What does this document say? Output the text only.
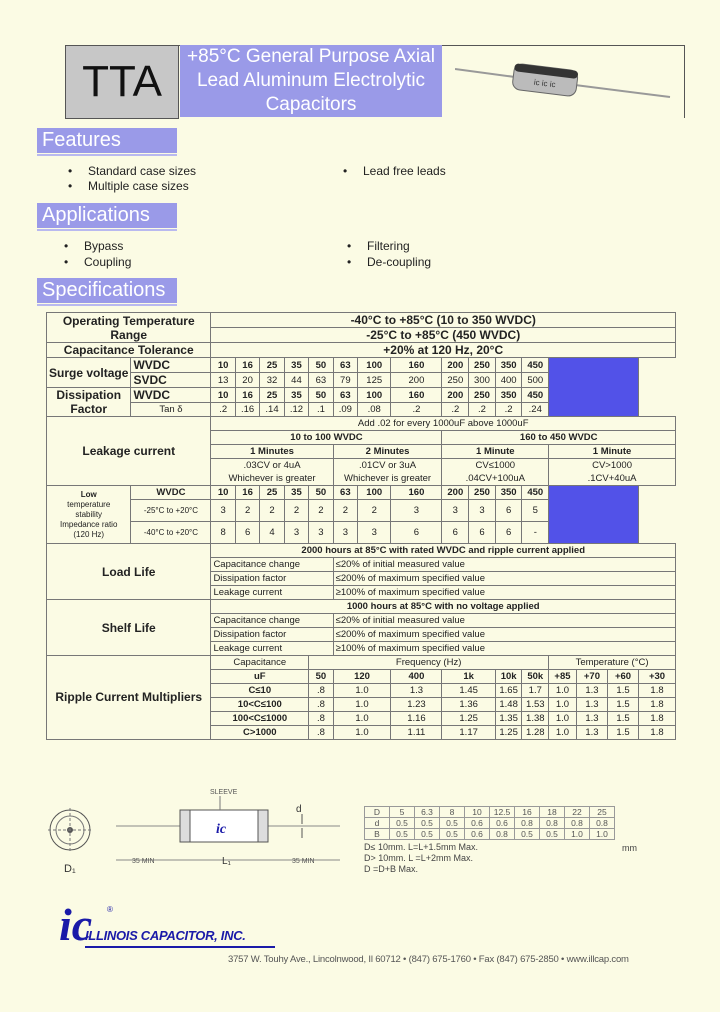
TTA
+85°C General Purpose Axial
Lead Aluminum Electrolytic
Capacitors
ic ic ic
Features
• Standard case sizes
• Multiple case sizes
• Lead free leads
Applications
• Bypass
• Coupling
• Filtering
• De-coupling
Specifications
Operating Temperature Range		-40°C to +85°C (10 to 350 WVDC)															
		-25°C to +85°C (450 WVDC)															
Capacitance Tolerance		+20% at 120 Hz, 20°C															
Surge voltage	WVDC	10	16	25	35	50	63	100	160	200	250	350	450				
	SVDC	13	20	32	44	63	79	125	200	250	300	400	500				
Dissipation Factor	WVDC	10	16	25	35	50	63	100	160	200	250	350	450				
	Tan δ	.2	.16	.14	.12	.1	.09	.08	.2	.2	.2	.2	.24				
Leakage current		Add .02 for every 1000uF above 1000uF															
		10 to 100 WVDC								160 to 450 WVDC							
		1 Minutes					2 Minutes			1 Minute				1 Minute			
		.03CV or 4uA					.01CV or 3uA			CV≤1000				CV>1000			
		Whichever is greater					Whichever is greater			.04CV+100uA				.1CV+40uA			

Low
temperature
stability
Impedance ratio
(120 Hz)	WVDC	10	16	25	35	50	63	100	160	200	250	350	450				
	-25°C to +20°C	3	2	2	2	2	2	2	3	3	3	6	5				
	-40°C to +20°C	8	6	4	3	3	3	3	6	6	6	6	-				
Load Life		2000 hours at 85°C with rated WVDC and ripple current applied															
		Capacitance change					≤20% of initial measured value										
		Dissipation factor					≤200% of maximum specified value										
		Leakage current					≥100% of maximum specified value										
Shelf Life		1000 hours at 85°C with no voltage applied															
		Capacitance change					≤20% of initial measured value										
		Dissipation factor					≤200% of maximum specified value										
		Leakage current					≥100% of maximum specified value										
Ripple Current Multipliers		Capacitance				Frequency (Hz)								Temperature (°C)			
		uF				50	120		400	1k		10k	50k	+85	+70	+60	+30
		C≤10				.8	1.0		1.3	1.45		1.65	1.7	1.0	1.3	1.5	1.8
		10<C≤100				.8	1.0		1.23	1.36		1.48	1.53	1.0	1.3	1.5	1.8
		100<C≤1000				.8	1.0		1.16	1.25		1.35	1.38	1.0	1.3	1.5	1.8
		C>1000				.8	1.0		1.11	1.17		1.25	1.28	1.0	1.3	1.5	1.8
D₁
ic
SLEEVE
d
35 MIN	L₁	35 MIN
D	5	6.3	8	10	12.5	16	18	22	25
d	0.5	0.5	0.5	0.6	0.6	0.8	0.8	0.8	0.8
B	0.5	0.5	0.5	0.6	0.8	0.5	0.5	1.0	1.0
D≤ 10mm. L=L+1.5mm Max.
D> 10mm. L =L+2mm Max.
D =D+B Max.
mm
ic ®
ILLINOIS CAPACITOR, INC.
3757 W. Touhy Ave., Lincolnwood, Il 60712 • (847) 675-1760 • Fax (847) 675-2850 • www.illcap.com
